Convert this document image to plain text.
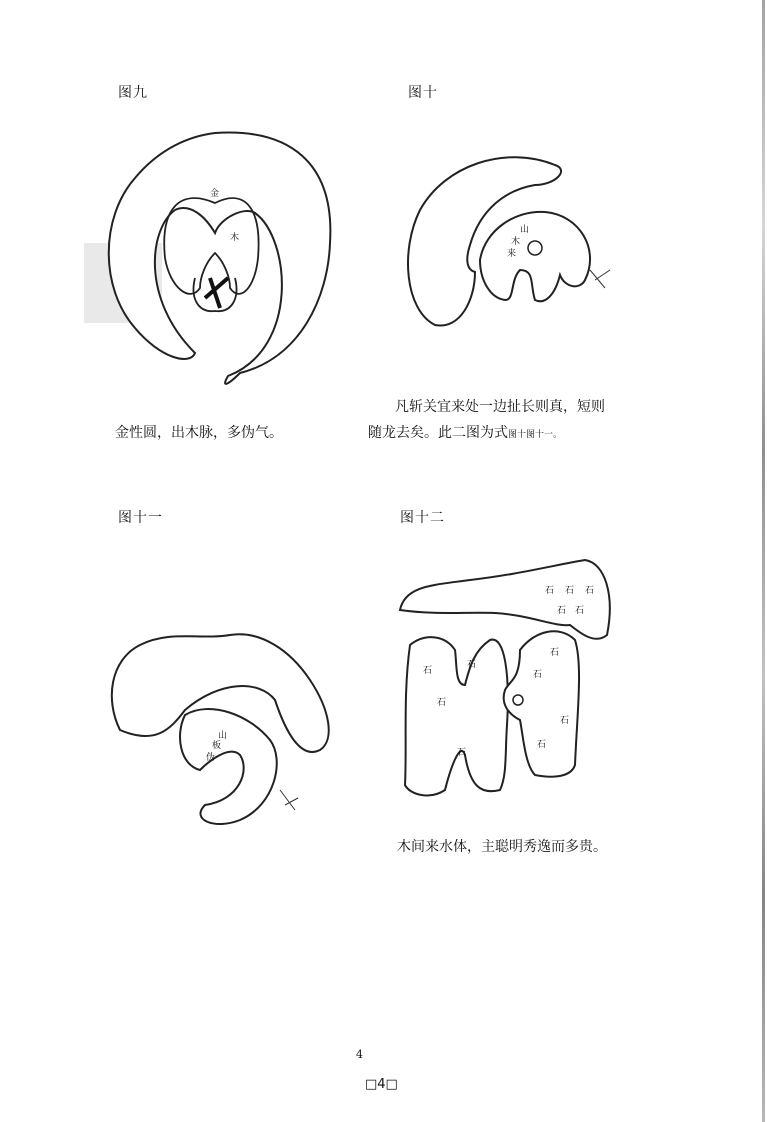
图九
金
木
金性圆，出木脉，多伪气。
图十
山
木
来
凡斩关宜来处一边扯长则真，短则
随龙去矣。此二图为式图十图十一。
图十一
山
板
伪
图十二
石 石 石
石 石
石
石
石
石
石
石
石
石
木间来水体，主聪明秀逸而多贵。
4
□4□
